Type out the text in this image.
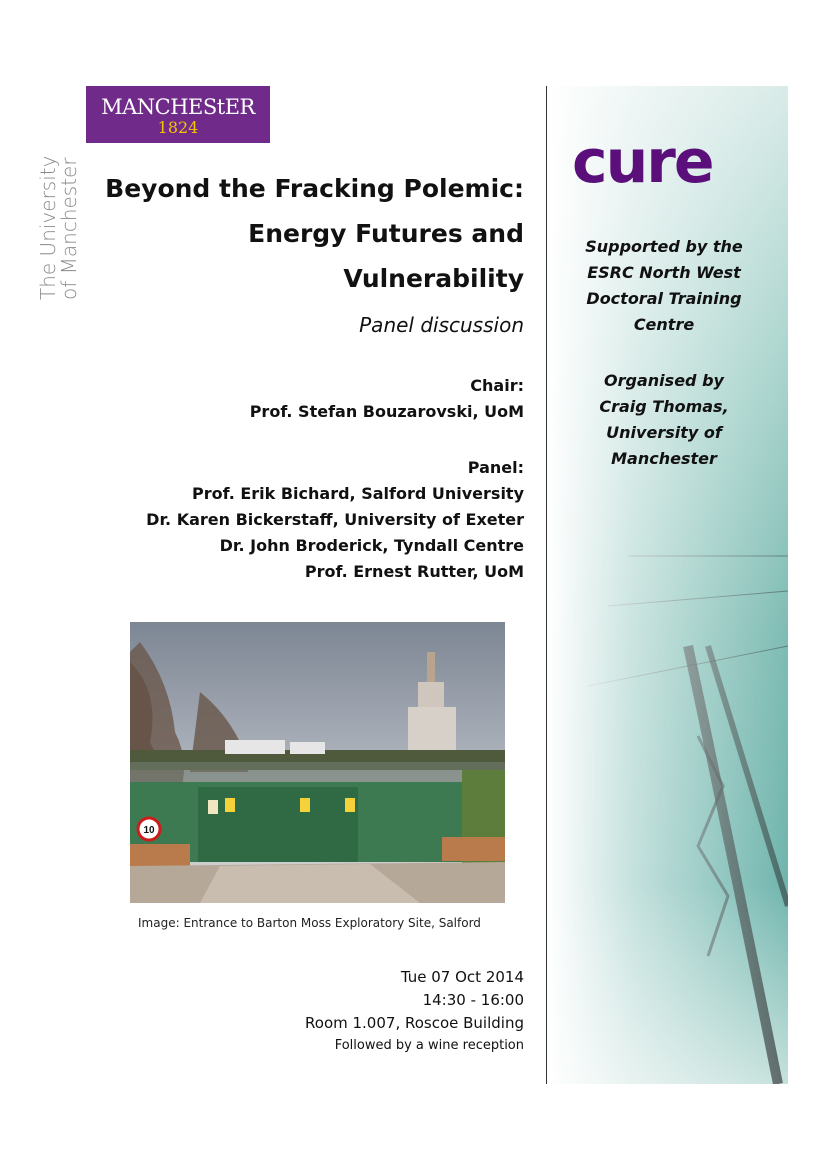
MANCHEStER
1824
The University
of Manchester Beyond the Fracking Polemic:
Energy Futures and
Vulnerability
Panel discussion
Chair:
Prof. Stefan Bouzarovski, UoM
Panel:
Prof. Erik Bichard, Salford University
Dr. Karen Bickerstaff, University of Exeter
Dr. John Broderick, Tyndall Centre
Prof. Ernest Rutter, UoM
10
Image: Entrance to Barton Moss Exploratory Site, Salford
Tue 07 Oct 2014
14:30 - 16:00
Room 1.007, Roscoe Building
Followed by a wine reception
cure
Supported by the
ESRC North West
Doctoral Training
Centre
Organised by
Craig Thomas,
University of
Manchester
